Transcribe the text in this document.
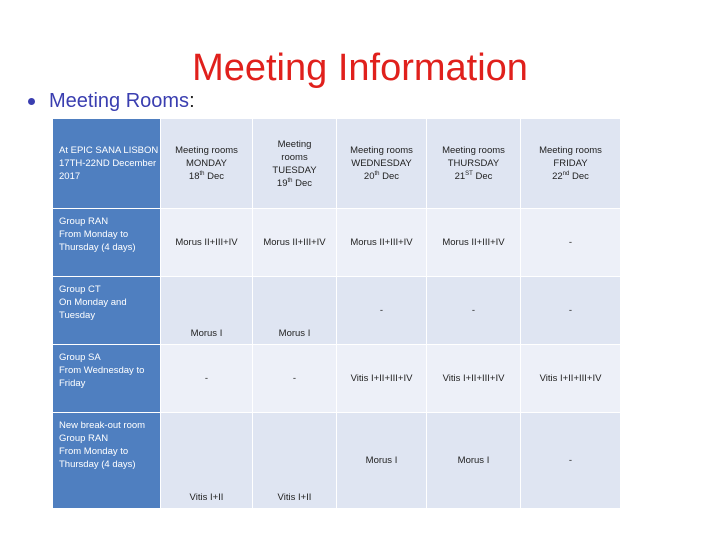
Meeting Information
Meeting Rooms :
At EPIC SANA LISBON
17TH-22ND December
2017	Meeting rooms
MONDAY
18th Dec	Meeting
rooms
TUESDAY
19th Dec	Meeting rooms
WEDNESDAY
20th Dec	Meeting rooms
THURSDAY
21ST Dec	Meeting rooms
FRIDAY
22nd Dec

Group RAN
From Monday to
Thursday (4 days)	Morus II+III+IV	Morus II+III+IV	Morus II+III+IV	Morus II+III+IV	-

Group CT
On Monday and
Tuesday	Morus I	Morus I	-	-	-

Group SA
From Wednesday to
Friday	-	-	Vitis I+II+III+IV	Vitis I+II+III+IV	Vitis I+II+III+IV

New break-out room
Group RAN
From Monday to
Thursday (4 days)	Vitis I+II	Vitis I+II	Morus I	Morus I	-
